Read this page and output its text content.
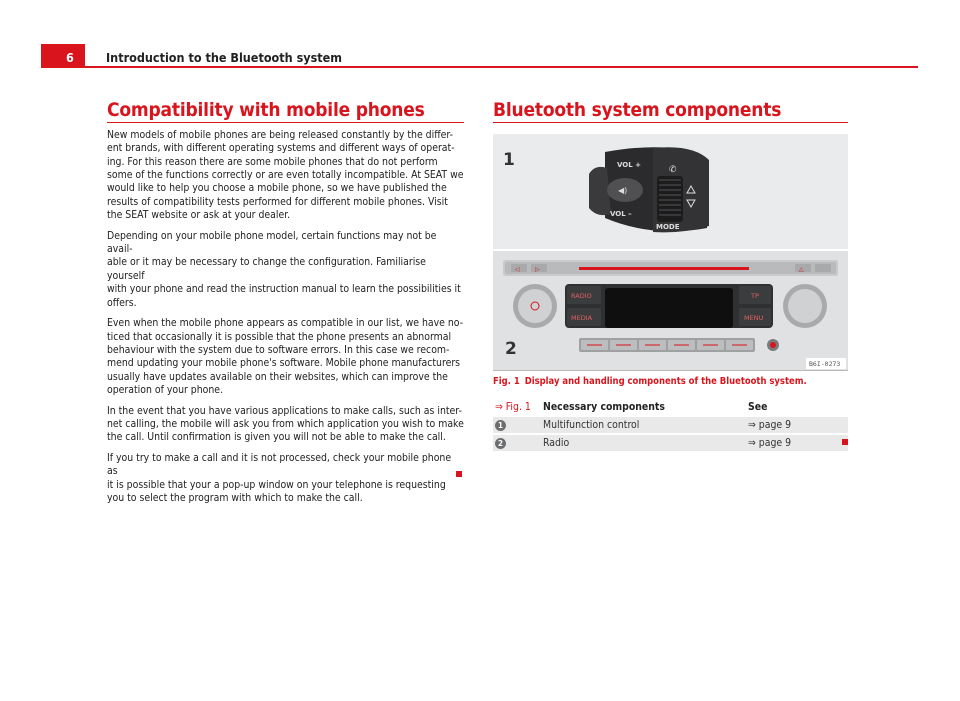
6	Introduction to the Bluetooth system
Compatibility with mobile phones

New models of mobile phones are being released constantly by the differ-
ent brands, with different operating systems and different ways of operat-
ing. For this reason there are some mobile phones that do not perform
some of the functions correctly or are even totally incompatible. At SEAT we
would like to help you choose a mobile phone, so we have published the
results of compatibility tests performed for different mobile phones. Visit
the SEAT website or ask at your dealer.

Depending on your mobile phone model, certain functions may not be avail-
able or it may be necessary to change the configuration. Familiarise yourself
with your phone and read the instruction manual to learn the possibilities it
offers.

Even when the mobile phone appears as compatible in our list, we have no-
ticed that occasionally it is possible that the phone presents an abnormal
behaviour with the system due to software errors. In this case we recom-
mend updating your mobile phone's software. Mobile phone manufacturers
usually have updates available on their websites, which can improve the
operation of your phone.

In the event that you have various applications to make calls, such as inter-
net calling, the mobile will ask you from which application you wish to make
the call. Until confirmation is given you will not be able to make the call.

If you try to make a call and it is not processed, check your mobile phone as
it is possible that your a pop-up window on your telephone is requesting
you to select the program with which to make the call.

Bluetooth system components
1	VOL +
VOL –
MODE
✆
◀)
◁	▷	△
RADIO
MEDIA
TP
MENU
2
B6I-0273
Fig. 1 Display and handling components of the Bluetooth system.
⇒ Fig. 1	Necessary components	See
1	Multifunction control	⇒ page 9
2	Radio	⇒ page 9
